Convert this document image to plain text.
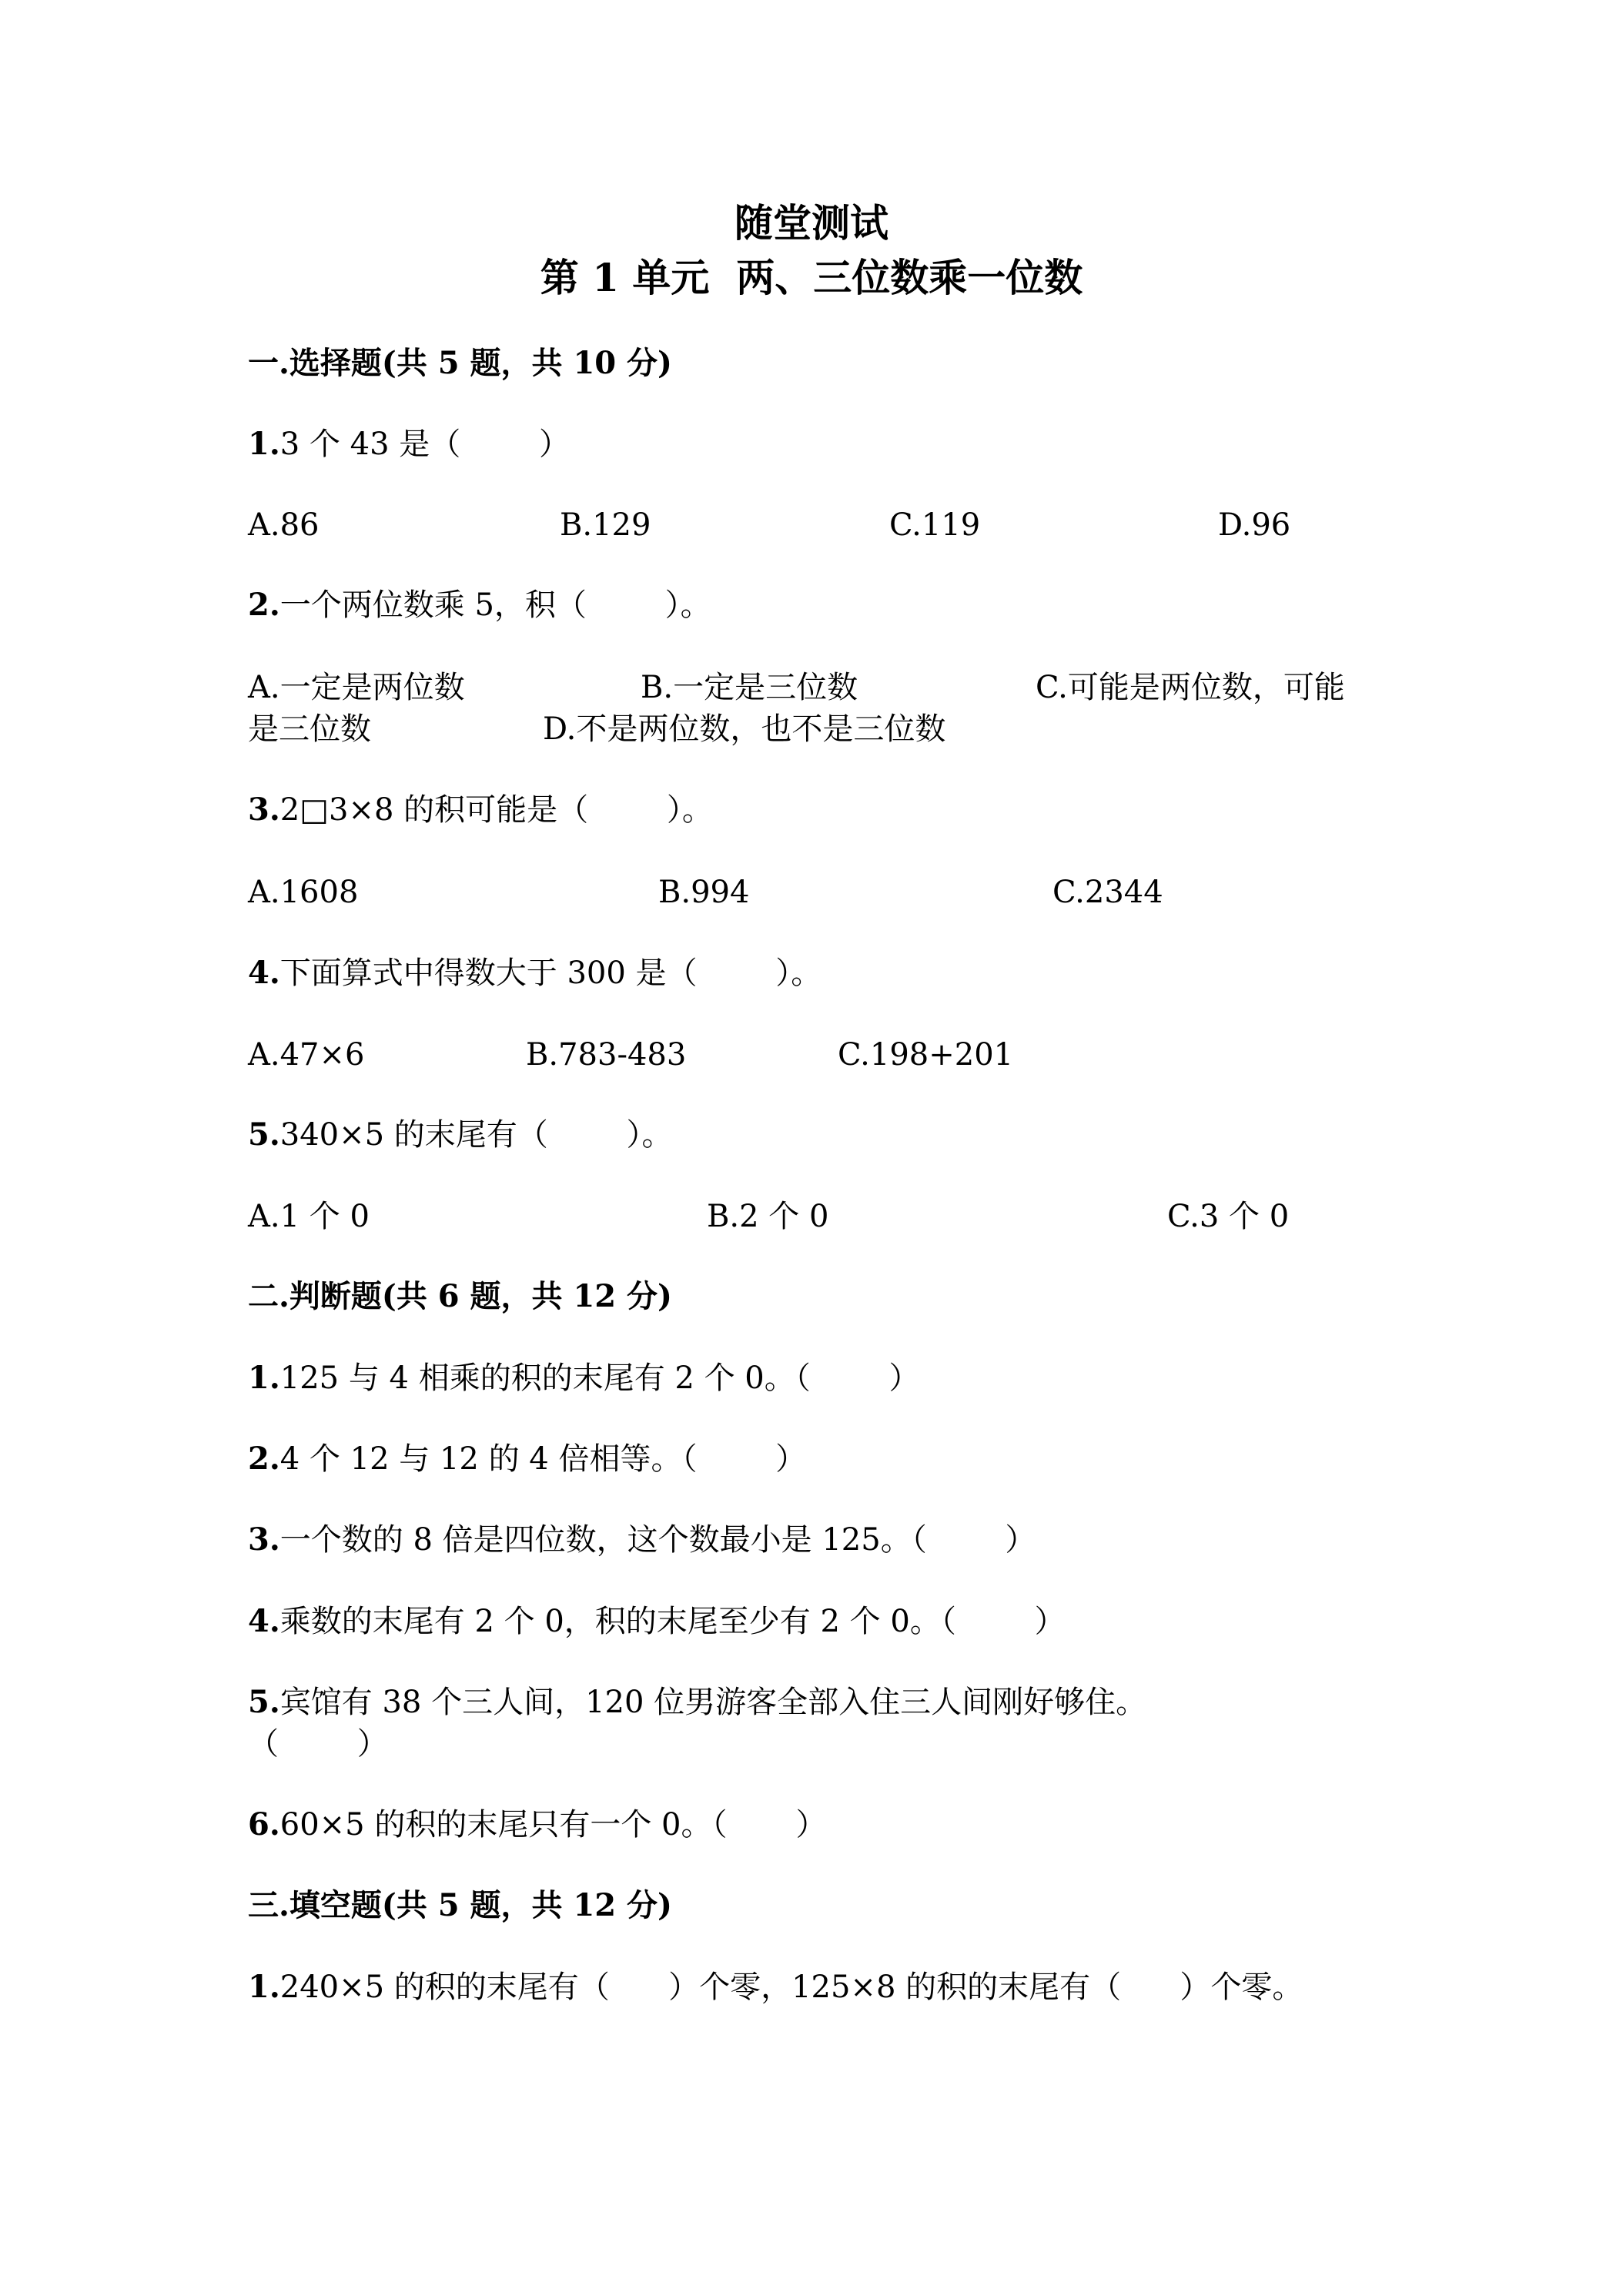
随堂测试
第 1 单元  两、三位数乘一位数
一.选择题(共 5 题，共 10 分)
1.3 个 43 是（        ）
A.86	B.129	C.119	D.96
2.一个两位数乘 5，积（        ）。
A.一定是两位数	B.一定是三位数	C.可能是两位数，可能
是三位数	D.不是两位数，也不是三位数
3.2□3×8 的积可能是（        ）。
A.1608	B.994	C.2344
4.下面算式中得数大于 300 是（        ）。
A.47×6	B.783-483	C.198+201
5.340×5 的末尾有（        ）。
A.1 个 0	B.2 个 0	C.3 个 0
二.判断题(共 6 题，共 12 分)
1.125 与 4 相乘的积的末尾有 2 个 0。（        ）
2.4 个 12 与 12 的 4 倍相等。（        ）
3.一个数的 8 倍是四位数，这个数最小是 125。（        ）
4.乘数的末尾有 2 个 0，积的末尾至少有 2 个 0。（        ）
5.宾馆有 38 个三人间，120 位男游客全部入住三人间刚好够住。
（        ）
6.60×5 的积的末尾只有一个 0。（       ）
三.填空题(共 5 题，共 12 分)
1.240×5 的积的末尾有（      ）个零，125×8 的积的末尾有（      ）个零。
